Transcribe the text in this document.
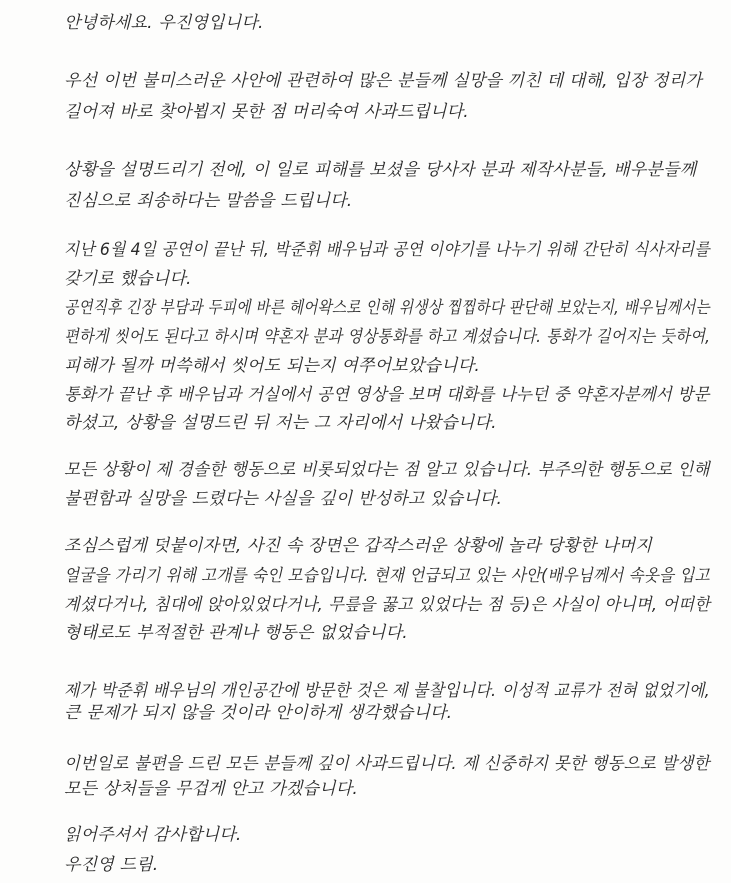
안녕하세요. 우진영입니다.
우선 이번 불미스러운 사안에 관련하여 많은 분들께 실망을 끼친 데 대해, 입장 정리가
길어져 바로 찾아뵙지 못한 점 머리숙여 사과드립니다.
상황을 설명드리기 전에, 이 일로 피해를 보셨을 당사자 분과 제작사분들, 배우분들께
진심으로 죄송하다는 말씀을 드립니다.
지난 6월 4일 공연이 끝난 뒤, 박준휘 배우님과 공연 이야기를 나누기 위해 간단히 식사자리를
갖기로 했습니다.
공연직후 긴장 부담과 두피에 바른 헤어왁스로 인해 위생상 찝찝하다 판단해 보았는지, 배우님께서는
편하게 씻어도 된다고 하시며 약혼자 분과 영상통화를 하고 계셨습니다. 통화가 길어지는 듯하여,
피해가 될까 머쓱해서 씻어도 되는지 여쭈어보았습니다.
통화가 끝난 후 배우님과 거실에서 공연 영상을 보며 대화를 나누던 중 약혼자분께서 방문
하셨고, 상황을 설명드린 뒤 저는 그 자리에서 나왔습니다.
모든 상황이 제 경솔한 행동으로 비롯되었다는 점 알고 있습니다. 부주의한 행동으로 인해
불편함과 실망을 드렸다는 사실을 깊이 반성하고 있습니다.
조심스럽게 덧붙이자면, 사진 속 장면은 갑작스러운 상황에 놀라 당황한 나머지
얼굴을 가리기 위해 고개를 숙인 모습입니다. 현재 언급되고 있는 사안(배우님께서 속옷을 입고
계셨다거나, 침대에 앉아있었다거나, 무릎을 꿇고 있었다는 점 등)은 사실이 아니며, 어떠한
형태로도 부적절한 관계나 행동은 없었습니다.
제가 박준휘 배우님의 개인공간에 방문한 것은 제 불찰입니다. 이성적 교류가 전혀 없었기에,
큰 문제가 되지 않을 것이라 안이하게 생각했습니다.
이번일로 불편을 드린 모든 분들께 깊이 사과드립니다. 제 신중하지 못한 행동으로 발생한
모든 상처들을 무겁게 안고 가겠습니다.
읽어주셔서 감사합니다.
우진영 드림.
